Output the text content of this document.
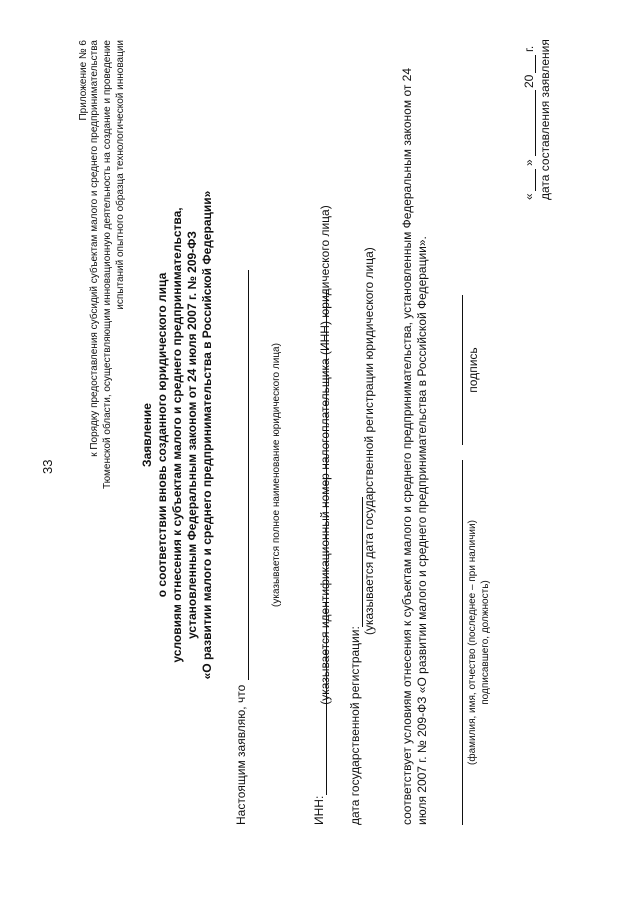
33
Приложение № 6 к Порядку предоставления субсидий субъектам малого и среднего предпринимательства Тюменской области, осуществляющим инновационную деятельность на создание и проведение испытаний опытного образца технологической инновации
Заявление о соответствии вновь созданного юридического лица условиям отнесения к субъектам малого и среднего предпринимательства, установленным Федеральным законом от 24 июля 2007 г. № 209-ФЗ «О развитии малого и среднего предпринимательства в Российской Федерации»
Настоящим заявляю, что
(указывается полное наименование юридического лица)
ИНН:
(указывается идентификационный номер налогоплательщика (ИНН) юридического лица)
дата государственной регистрации:
(указывается дата государственной регистрации юридического лица) соответствует условиям отнесения к субъектам малого и среднего предпринимательства, установленным Федеральным законом от 24 июля 2007 г. № 209-ФЗ «О развитии малого и среднего предпринимательства в Российской Федерации».	(фамилия, имя, отчество (последнее – при наличии) подписавшего, должность)
подпись
«
»
20
г. дата составления заявления
